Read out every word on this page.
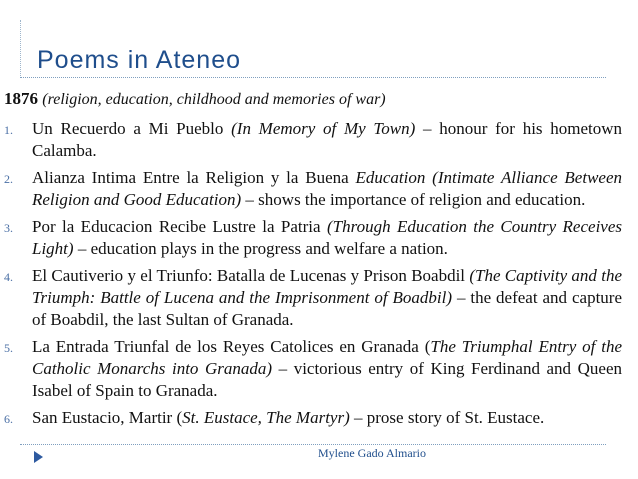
Poems in Ateneo
1876 (religion, education, childhood and memories of war)
1. Un Recuerdo a Mi Pueblo (In Memory of My Town) – honour for his hometown Calamba.
2. Alianza Intima Entre la Religion y la Buena Education (Intimate Alliance Between Religion and Good Education) – shows the importance of religion and education.
3. Por la Educacion Recibe Lustre la Patria (Through Education the Country Receives Light) – education plays in the progress and welfare a nation.
4. El Cautiverio y el Triunfo: Batalla de Lucenas y Prison Boabdil (The Captivity and the Triumph: Battle of Lucena and the Imprisonment of Boadbil) – the defeat and capture of Boabdil, the last Sultan of Granada.
5. La Entrada Triunfal de los Reyes Catolices en Granada (The Triumphal Entry of the Catholic Monarchs into Granada) – victorious entry of King Ferdinand and Queen Isabel of Spain to Granada.
6. San Eustacio, Martir (St. Eustace, The Martyr) – prose story of St. Eustace.
Mylene Gado Almario
